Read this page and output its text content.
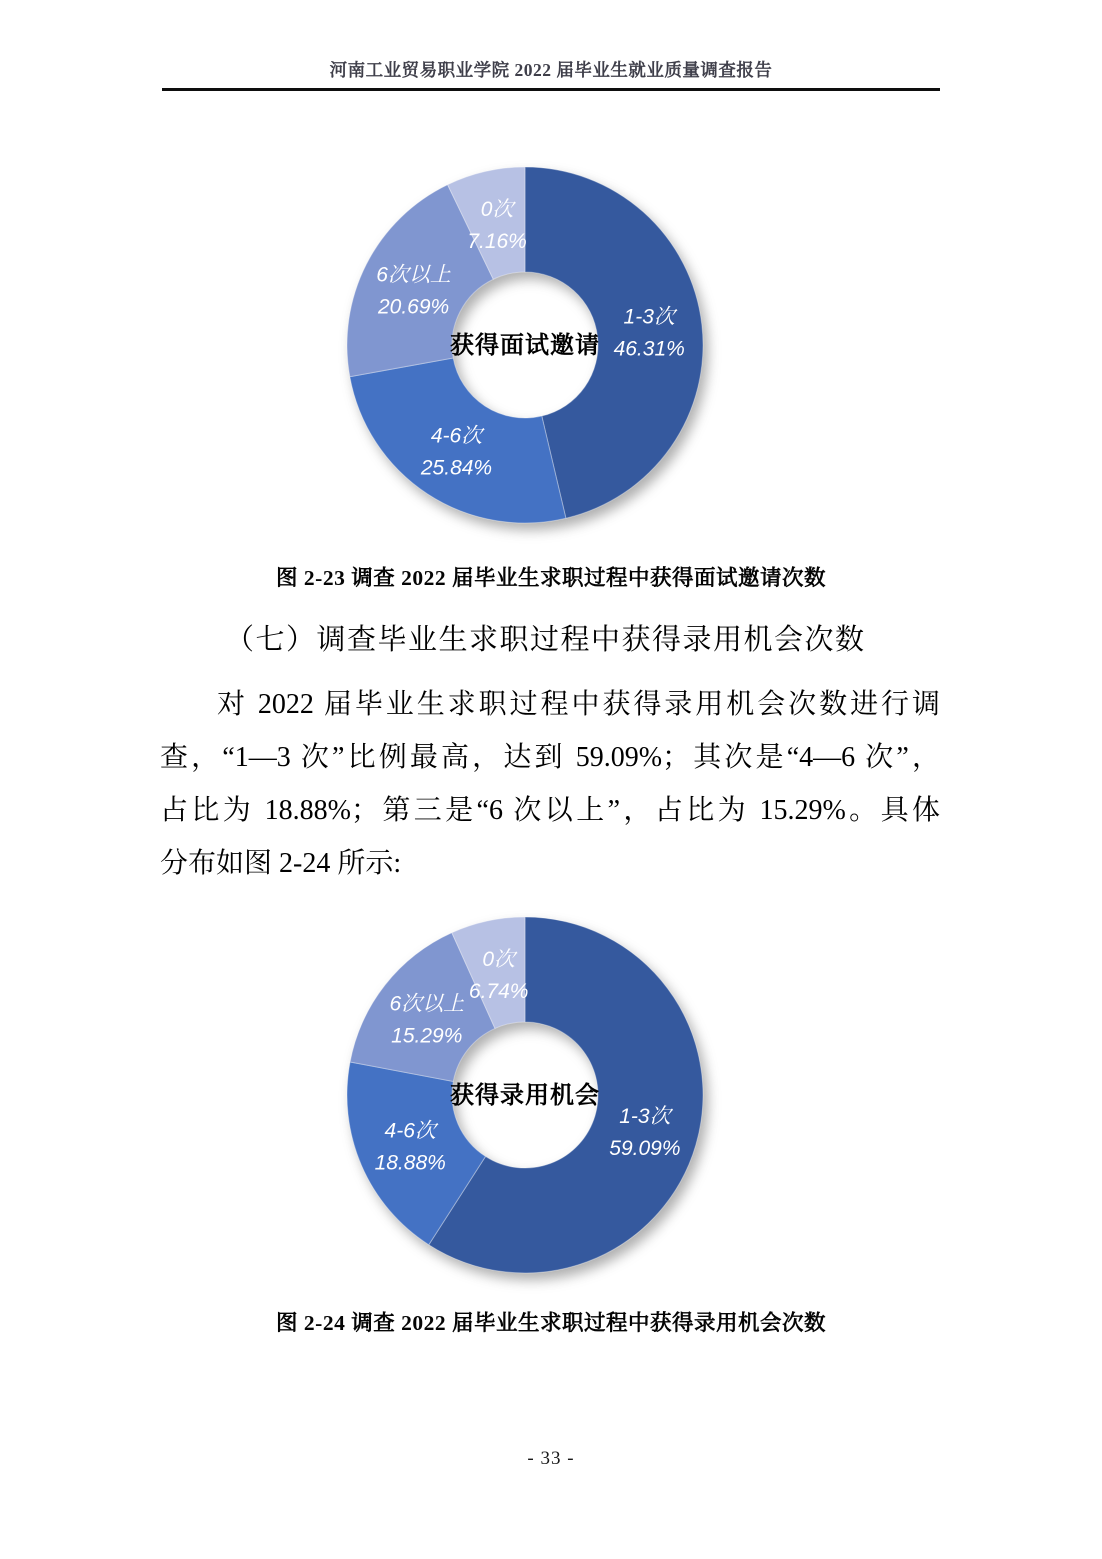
河南工业贸易职业学院 2022 届毕业生就业质量调查报告
1-3次
46.31%
4-6次
25.84%
6次以上
20.69%
0次
7.16%
获得面试邀请
图 2-23 调查 2022 届毕业生求职过程中获得面试邀请次数
（七）调查毕业生求职过程中获得录用机会次数
对 2022 届毕业生求职过程中获得录用机会次数进行调
查，“1—3 次”比例最高，达到 59.09%；其次是“4—6 次”，
占比为 18.88%；第三是“6 次以上”，占比为 15.29%。具体
分布如图 2-24 所示:
1-3次
59.09%
4-6次
18.88%
6次以上
15.29%
0次
6.74%
获得录用机会
图 2-24 调查 2022 届毕业生求职过程中获得录用机会次数
- 33 -
